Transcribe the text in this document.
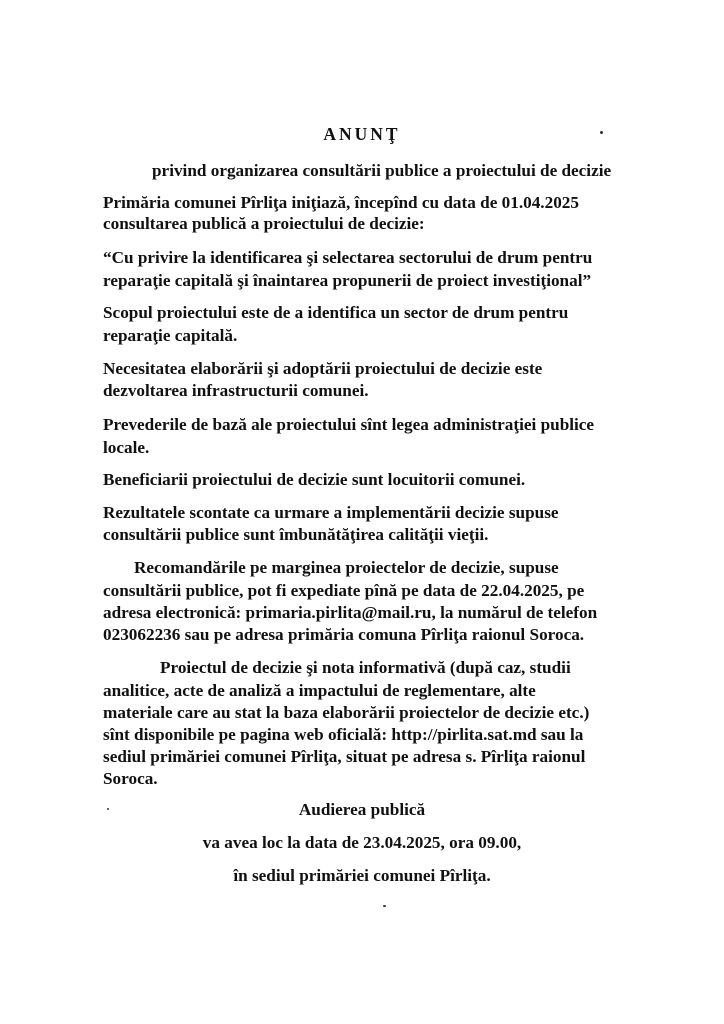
ANUNŢ
privind organizarea consultării publice a proiectului de decizie
Primăria comunei Pîrliţa iniţiază, începînd cu data de 01.04.2025
consultarea publică a proiectului de decizie:
“Cu privire la identificarea şi selectarea sectorului de drum pentru
reparaţie capitală şi înaintarea propunerii de proiect investiţional”
Scopul proiectului este de a identifica un sector de drum pentru
reparaţie capitală.
Necesitatea elaborării şi adoptării proiectului de decizie este
dezvoltarea infrastructurii comunei.
Prevederile de bază ale proiectului sînt legea administraţiei publice
locale.
Beneficiarii proiectului de decizie sunt locuitorii comunei.
Rezultatele scontate ca urmare a implementării decizie supuse
consultării publice sunt îmbunătăţirea calităţii vieţii.
Recomandările pe marginea proiectelor de decizie, supuse
consultării publice, pot fi expediate pînă pe data de 22.04.2025, pe
adresa electronică: primaria.pirlita@mail.ru, la numărul de telefon
023062236 sau pe adresa primăria comuna Pîrliţa raionul Soroca.
Proiectul de decizie şi nota informativă (după caz, studii
analitice, acte de analiză a impactului de reglementare, alte
materiale care au stat la baza elaborării proiectelor de decizie etc.)
sînt disponibile pe pagina web oficială: http://pirlita.sat.md sau la
sediul primăriei comunei Pîrliţa, situat pe adresa s. Pîrliţa raionul
Soroca.
Audierea publică
va avea loc la data de 23.04.2025, ora 09.00,
în sediul primăriei comunei Pîrliţa.
